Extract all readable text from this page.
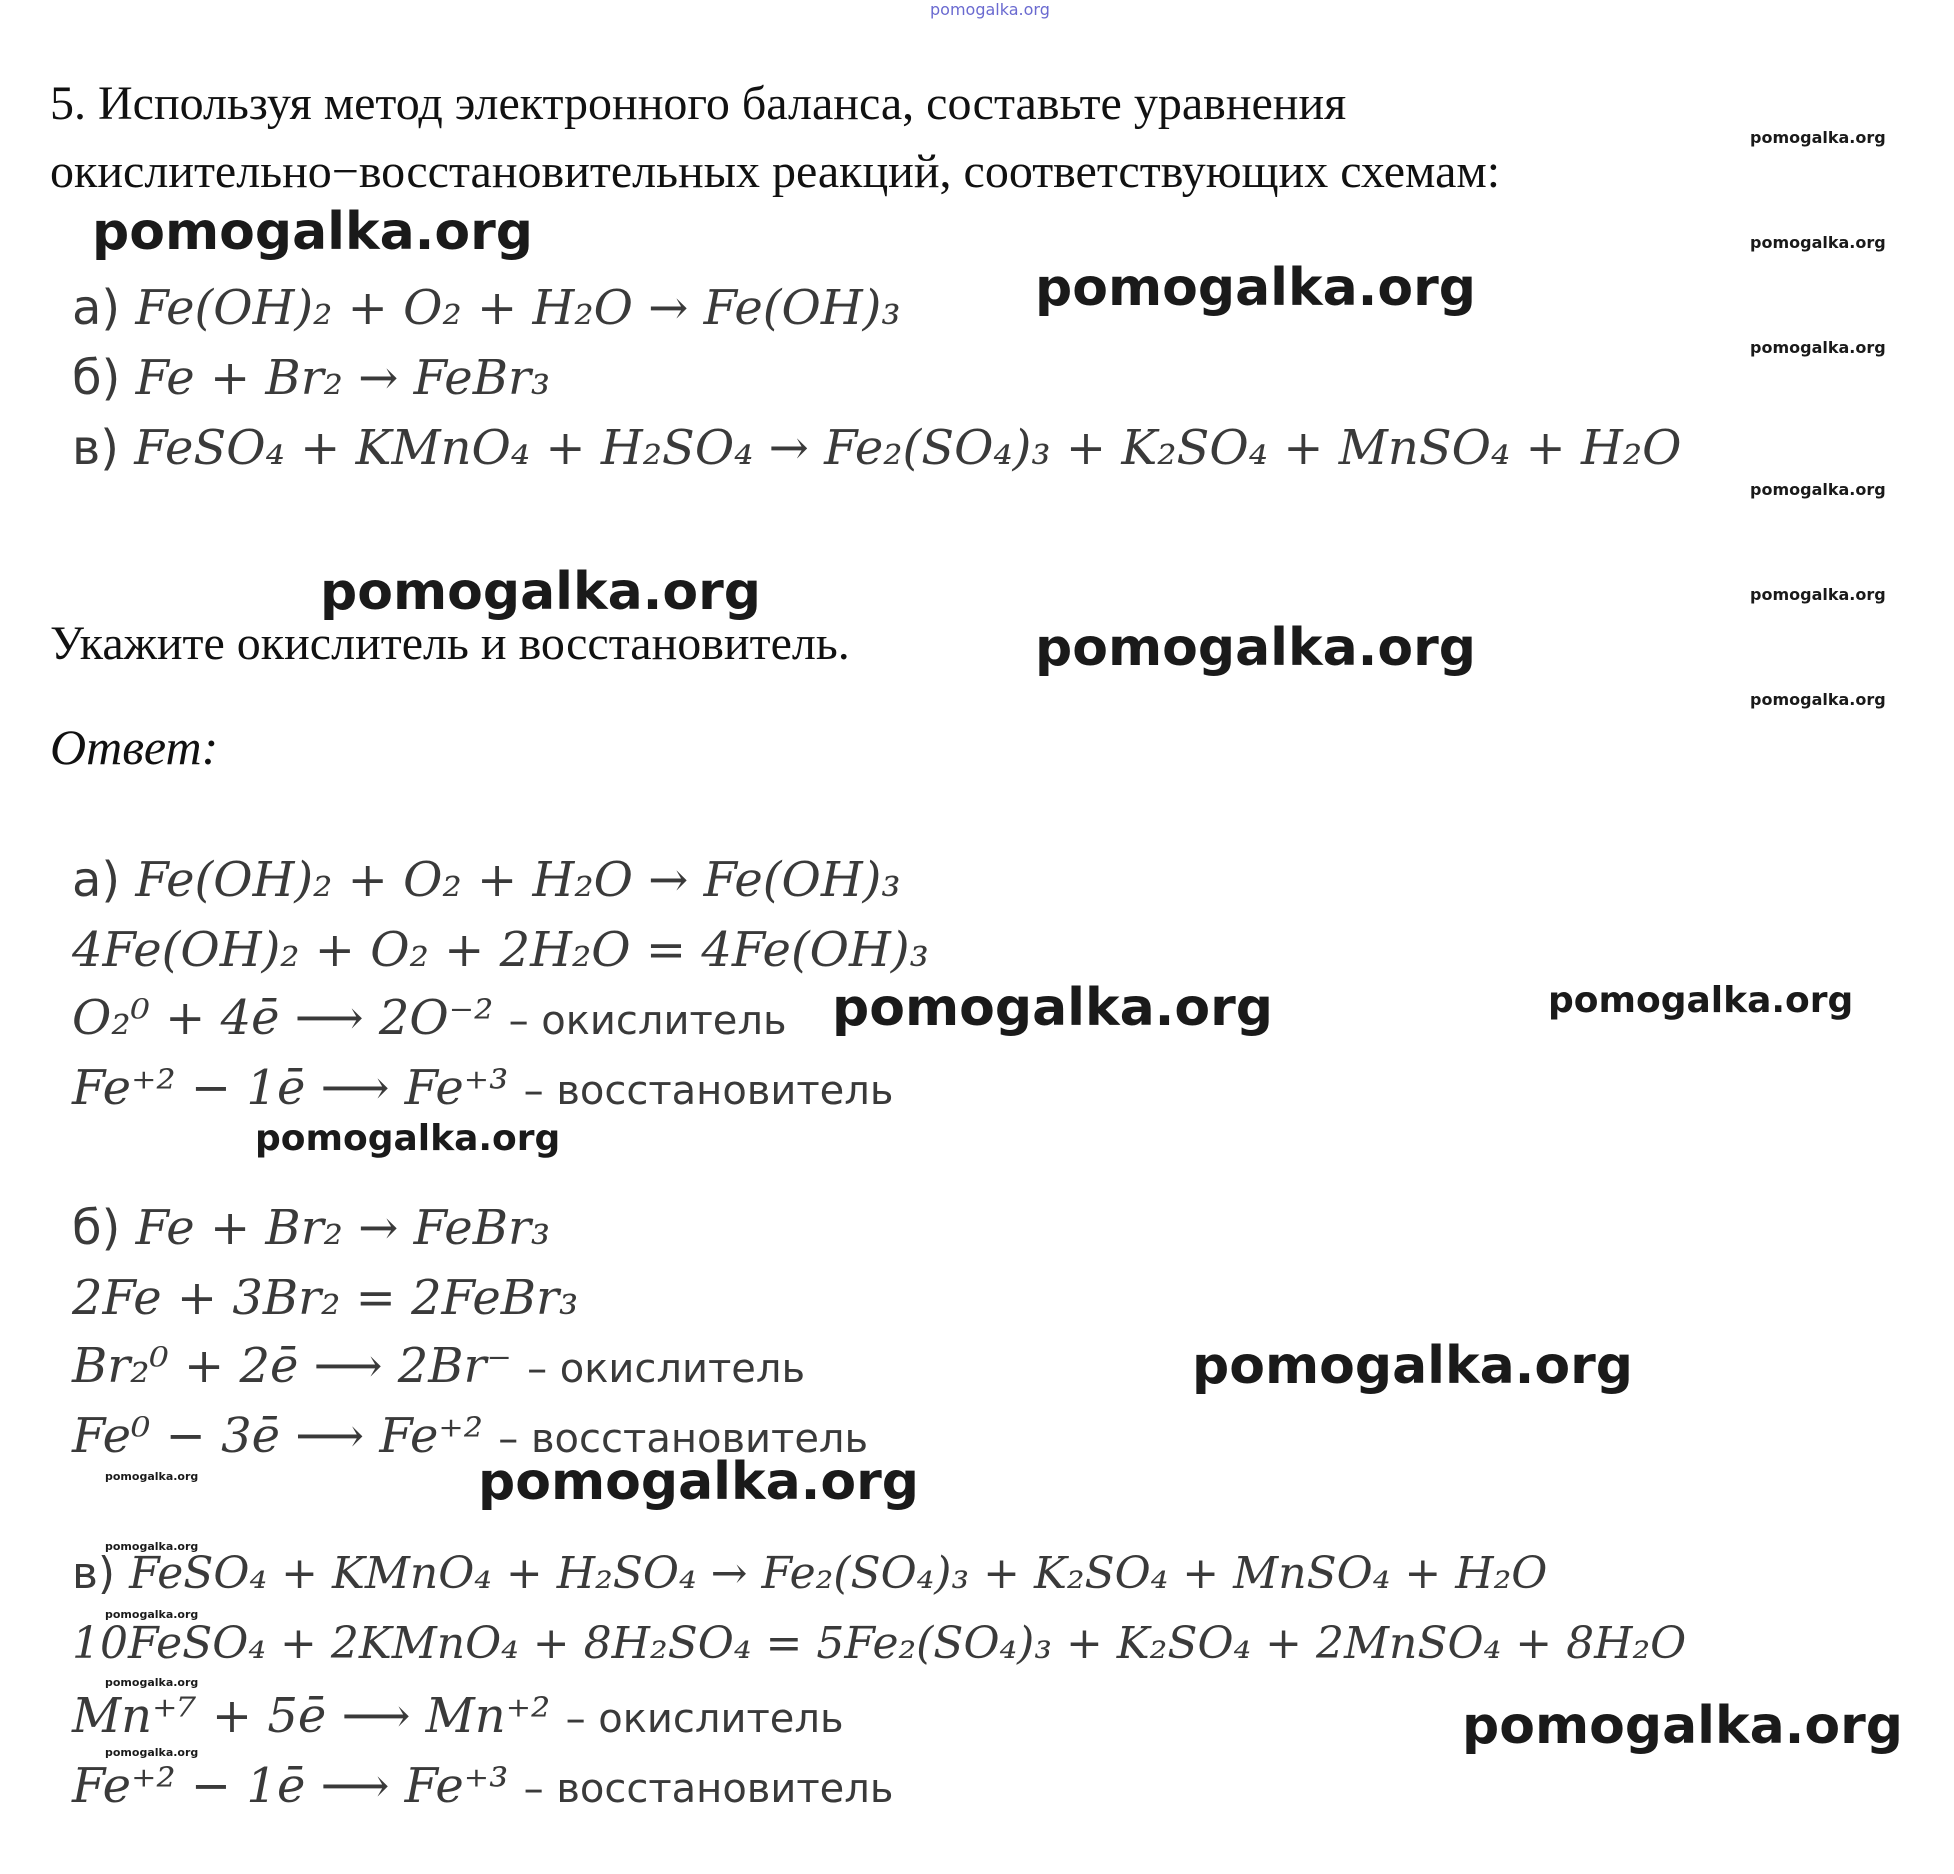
pomogalka.org
5. Используя метод электронного баланса, составьте уравнения
окислительно−восстановительных реакций, соответствующих схемам:
а) Fe(OH)₂ + O₂ + H₂O → Fe(OH)₃
б) Fe + Br₂ → FeBr₃
в) FeSO₄ + KMnO₄ + H₂SO₄ → Fe₂(SO₄)₃ + K₂SO₄ + MnSO₄ + H₂O
Укажите окислитель и восстановитель.
Ответ:
а) Fe(OH)₂ + O₂ + H₂O → Fe(OH)₃
4Fe(OH)₂ + O₂ + 2H₂O = 4Fe(OH)₃
O₂⁰ + 4ē ⟶ 2O⁻² – окислитель
Fe⁺² − 1ē ⟶ Fe⁺³ – восстановитель
б) Fe + Br₂ → FeBr₃
2Fe + 3Br₂ = 2FeBr₃
Br₂⁰ + 2ē ⟶ 2Br⁻ – окислитель
Fe⁰ − 3ē ⟶ Fe⁺² – восстановитель
в) FeSO₄ + KMnO₄ + H₂SO₄ → Fe₂(SO₄)₃ + K₂SO₄ + MnSO₄ + H₂O
10FeSO₄ + 2KMnO₄ + 8H₂SO₄ = 5Fe₂(SO₄)₃ + K₂SO₄ + 2MnSO₄ + 8H₂O
Mn⁺⁷ + 5ē ⟶ Mn⁺² – окислитель
Fe⁺² − 1ē ⟶ Fe⁺³ – восстановитель
pomogalka.org
pomogalka.org
pomogalka.org
pomogalka.org
pomogalka.org
pomogalka.org
pomogalka.org
pomogalka.org
pomogalka.org
pomogalka.org
pomogalka.org
pomogalka.org
pomogalka.org
pomogalka.org
pomogalka.org
pomogalka.org
pomogalka.org
pomogalka.org
pomogalka.org
pomogalka.org
pomogalka.org
